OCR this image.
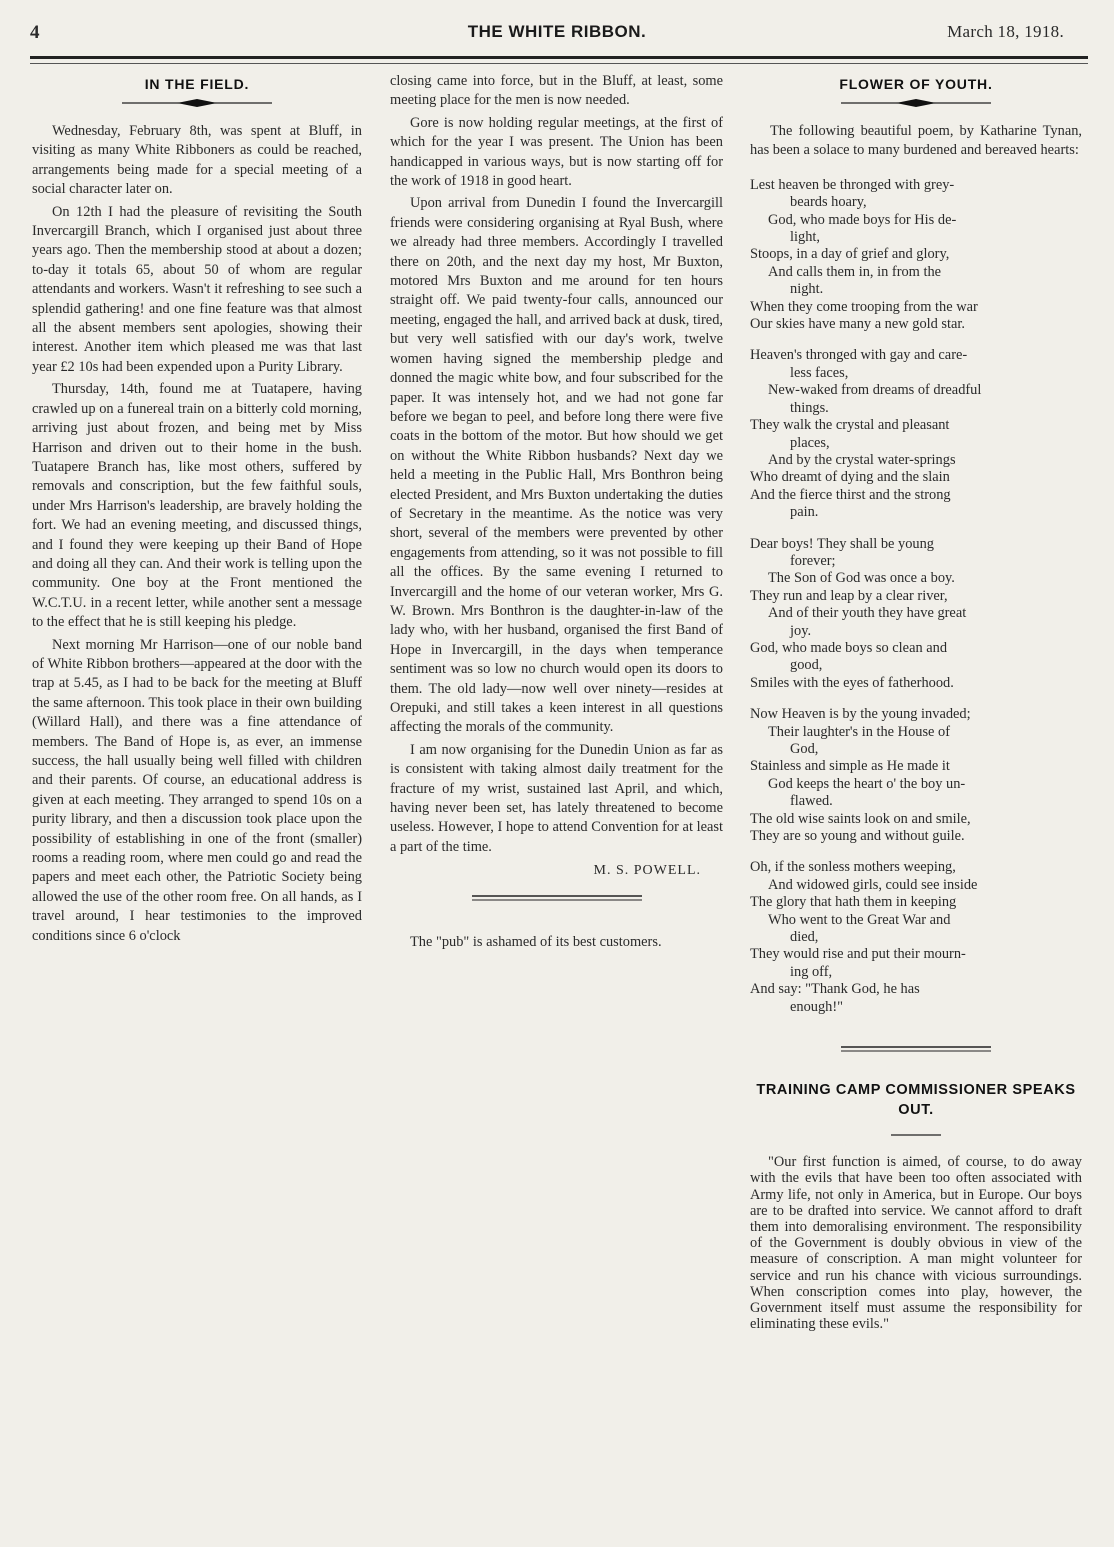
4	THE WHITE RIBBON.	March 18, 1918.
IN THE FIELD.

Wednesday, February 8th, was spent at Bluff, in visiting as many White Ribboners as could be reached, arrangements being made for a special meeting of a social character later on.

On 12th I had the pleasure of revisiting the South Invercargill Branch, which I organised just about three years ago. Then the membership stood at about a dozen; to-day it totals 65, about 50 of whom are regular attendants and workers. Wasn't it refreshing to see such a splendid gathering! and one fine feature was that almost all the absent members sent apologies, showing their interest. Another item which pleased me was that last year £2 10s had been expended upon a Purity Library.

Thursday, 14th, found me at Tuatapere, having crawled up on a funereal train on a bitterly cold morning, arriving just about frozen, and being met by Miss Harrison and driven out to their home in the bush. Tuatapere Branch has, like most others, suffered by removals and conscription, but the few faithful souls, under Mrs Harrison's leadership, are bravely holding the fort. We had an evening meeting, and discussed things, and I found they were keeping up their Band of Hope and doing all they can. And their work is telling upon the community. One boy at the Front mentioned the W.C.T.U. in a recent letter, while another sent a message to the effect that he is still keeping his pledge.

Next morning Mr Harrison—one of our noble band of White Ribbon brothers—appeared at the door with the trap at 5.45, as I had to be back for the meeting at Bluff the same afternoon. This took place in their own building (Willard Hall), and there was a fine attendance of members. The Band of Hope is, as ever, an immense success, the hall usually being well filled with children and their parents. Of course, an educational address is given at each meeting. They arranged to spend 10s on a purity library, and then a discussion took place upon the possibility of establishing in one of the front (smaller) rooms a reading room, where men could go and read the papers and meet each other, the Patriotic Society being allowed the use of the other room free. On all hands, as I travel around, I hear testimonies to the improved conditions since 6 o'clock

closing came into force, but in the Bluff, at least, some meeting place for the men is now needed.

Gore is now holding regular meetings, at the first of which for the year I was present. The Union has been handicapped in various ways, but is now starting off for the work of 1918 in good heart.

Upon arrival from Dunedin I found the Invercargill friends were considering organising at Ryal Bush, where we already had three members. Accordingly I travelled there on 20th, and the next day my host, Mr Buxton, motored Mrs Buxton and me around for ten hours straight off. We paid twenty-four calls, announced our meeting, engaged the hall, and arrived back at dusk, tired, but very well satisfied with our day's work, twelve women having signed the membership pledge and donned the magic white bow, and four subscribed for the paper. It was intensely hot, and we had not gone far before we began to peel, and before long there were five coats in the bottom of the motor. But how should we get on without the White Ribbon husbands? Next day we held a meeting in the Public Hall, Mrs Bonthron being elected President, and Mrs Buxton undertaking the duties of Secretary in the meantime. As the notice was very short, several of the members were prevented by other engagements from attending, so it was not possible to fill all the offices. By the same evening I returned to Invercargill and the home of our veteran worker, Mrs G. W. Brown. Mrs Bonthron is the daughter-in-law of the lady who, with her husband, organised the first Band of Hope in Invercargill, in the days when temperance sentiment was so low no church would open its doors to them. The old lady—now well over ninety—resides at Orepuki, and still takes a keen interest in all questions affecting the morals of the community.

I am now organising for the Dunedin Union as far as is consistent with taking almost daily treatment for the fracture of my wrist, sustained last April, and which, having never been set, has lately threatened to become useless. However, I hope to attend Convention for at least a part of the time.

M. S. POWELL.

The "pub" is ashamed of its best customers.

FLOWER OF YOUTH.

The following beautiful poem, by Katharine Tynan, has been a solace to many burdened and bereaved hearts:

Lest heaven be thronged with grey-
beards hoary,
God, who made boys for His de-
light,
Stoops, in a day of grief and glory,
And calls them in, in from the
night.
When they come trooping from the war
Our skies have many a new gold star.
Heaven's thronged with gay and care-
less faces,
New-waked from dreams of dreadful
things.
They walk the crystal and pleasant
places,
And by the crystal water-springs
Who dreamt of dying and the slain
And the fierce thirst and the strong
pain.
Dear boys! They shall be young
forever;
The Son of God was once a boy.
They run and leap by a clear river,
And of their youth they have great
joy.
God, who made boys so clean and
good,
Smiles with the eyes of fatherhood.
Now Heaven is by the young invaded;
Their laughter's in the House of
God,
Stainless and simple as He made it
God keeps the heart o' the boy un-
flawed.
The old wise saints look on and smile,
They are so young and without guile.
Oh, if the sonless mothers weeping,
And widowed girls, could see inside
The glory that hath them in keeping
Who went to the Great War and
died,
They would rise and put their mourn-
ing off,
And say: "Thank God, he has
enough!"
TRAINING CAMP COMMISSIONER SPEAKS OUT.

"Our first function is aimed, of course, to do away with the evils that have been too often associated with Army life, not only in America, but in Europe. Our boys are to be drafted into service. We cannot afford to draft them into demoralising environment. The responsibility of the Government is doubly obvious in view of the measure of conscription. A man might volunteer for service and run his chance with vicious surroundings. When conscription comes into play, however, the Government itself must assume the responsibility for eliminating these evils."
